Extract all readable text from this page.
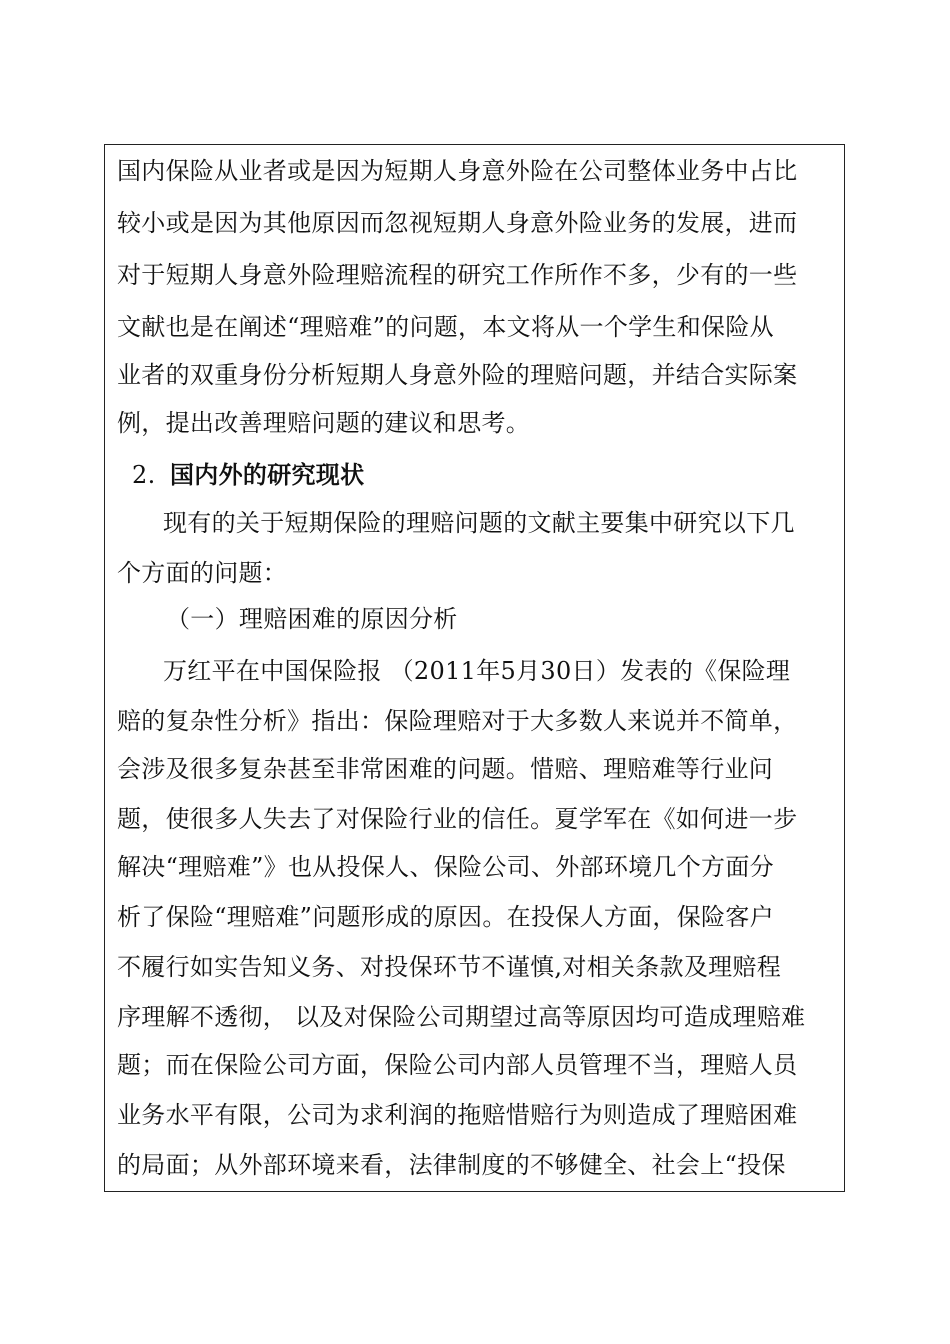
国内保险从业者或是因为短期人身意外险在公司整体业务中占比
较小或是因为其他原因而忽视短期人身意外险业务的发展，进而
对于短期人身意外险理赔流程的研究工作所作不多，少有的一些
文献也是在阐述“理赔难”的问题，本文将从一个学生和保险从
业者的双重身份分析短期人身意外险的理赔问题，并结合实际案
例，提出改善理赔问题的建议和思考。
2. 国内外的研究现状
现有的关于短期保险的理赔问题的文献主要集中研究以下几
个方面的问题：
（一）理赔困难的原因分析
万红平在中国保险报 （2011年5月30日）发表的《保险理
赔的复杂性分析》指出：保险理赔对于大多数人来说并不简单，
会涉及很多复杂甚至非常困难的问题。惜赔、理赔难等行业问
题，使很多人失去了对保险行业的信任。夏学军在《如何进一步
解决“理赔难”》也从投保人、保险公司、外部环境几个方面分
析了保险“理赔难”问题形成的原因。在投保人方面，保险客户
不履行如实告知义务、对投保环节不谨慎,对相关条款及理赔程
序理解不透彻， 以及对保险公司期望过高等原因均可造成理赔难
题；而在保险公司方面，保险公司内部人员管理不当，理赔人员
业务水平有限，公司为求利润的拖赔惜赔行为则造成了理赔困难
的局面；从外部环境来看，法律制度的不够健全、社会上“投保
